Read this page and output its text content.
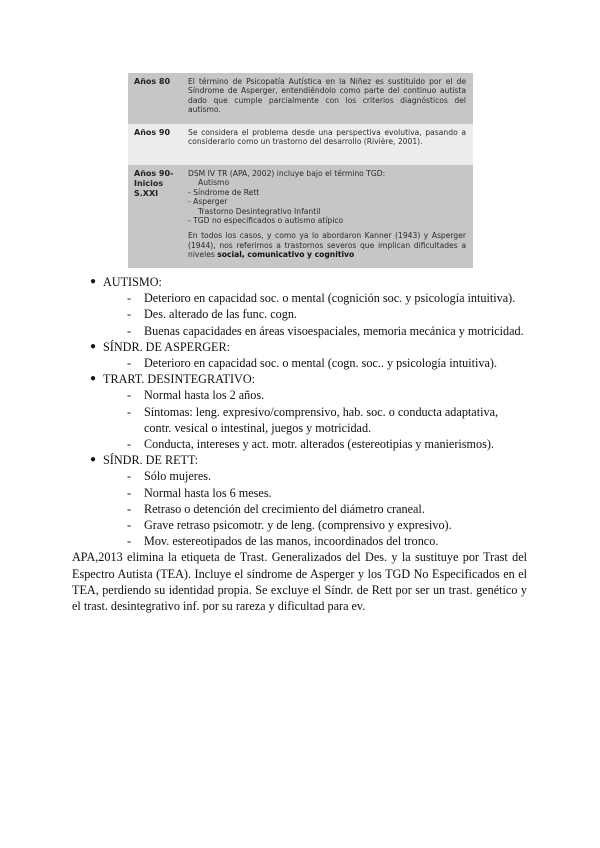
Años 80	El término de Psicopatía Autística en la Niñez es sustituido por el de Síndrome de Asperger, entendiéndolo como parte del continuo autista dado que cumple parcialmente con los criterios diagnósticos del autismo.
Años 90	Se considera el problema desde una perspectiva evolutiva, pasando a considerarlo como un trastorno del desarrollo (Rivière, 2001).
Años 90-Inicios S.XXI
DSM IV TR (APA, 2002) incluye bajo el término TGD:
Autismo
- Síndrome de Rett
- Asperger
Trastorno Desintegrativo Infantil
- TGD no especificados o autismo atípico
En todos los casos, y como ya lo abordaron Kanner (1943) y Asperger (1944), nos referimos a trastornos severos que implican dificultades a niveles social, comunicativo y cognitivo
● AUTISMO:
- Deterioro en capacidad soc. o mental (cognición soc. y psicología intuitiva).
- Des. alterado de las func. cogn.
- Buenas capacidades en áreas visoespaciales, memoria mecánica y motricidad.
● SÍNDR. DE ASPERGER:
- Deterioro en capacidad soc. o mental (cogn. soc.. y psicología intuitiva).
● TRART. DESINTEGRATIVO:
- Normal hasta los 2 años.
- Síntomas: leng. expresivo/comprensivo, hab. soc. o conducta adaptativa, contr. vesical o intestinal, juegos y motricidad.
- Conducta, intereses y act. motr. alterados (estereotipias y manierismos).
● SÍNDR. DE RETT:
- Sólo mujeres.
- Normal hasta los 6 meses.
- Retraso o detención del crecimiento del diámetro craneal.
- Grave retraso psicomotr. y de leng. (comprensivo y expresivo).
- Mov. estereotipados de las manos, incoordinados del tronco.

APA,2013 elimina la etiqueta de Trast. Generalizados del Des. y la sustituye por Trast del Espectro Autista (TEA). Incluye el síndrome de Asperger y los TGD No Especificados en el TEA, perdiendo su identidad propia. Se excluye el Síndr. de Rett por ser un trast. genético y el trast. desintegrativo inf. por su rareza y dificultad para ev.
